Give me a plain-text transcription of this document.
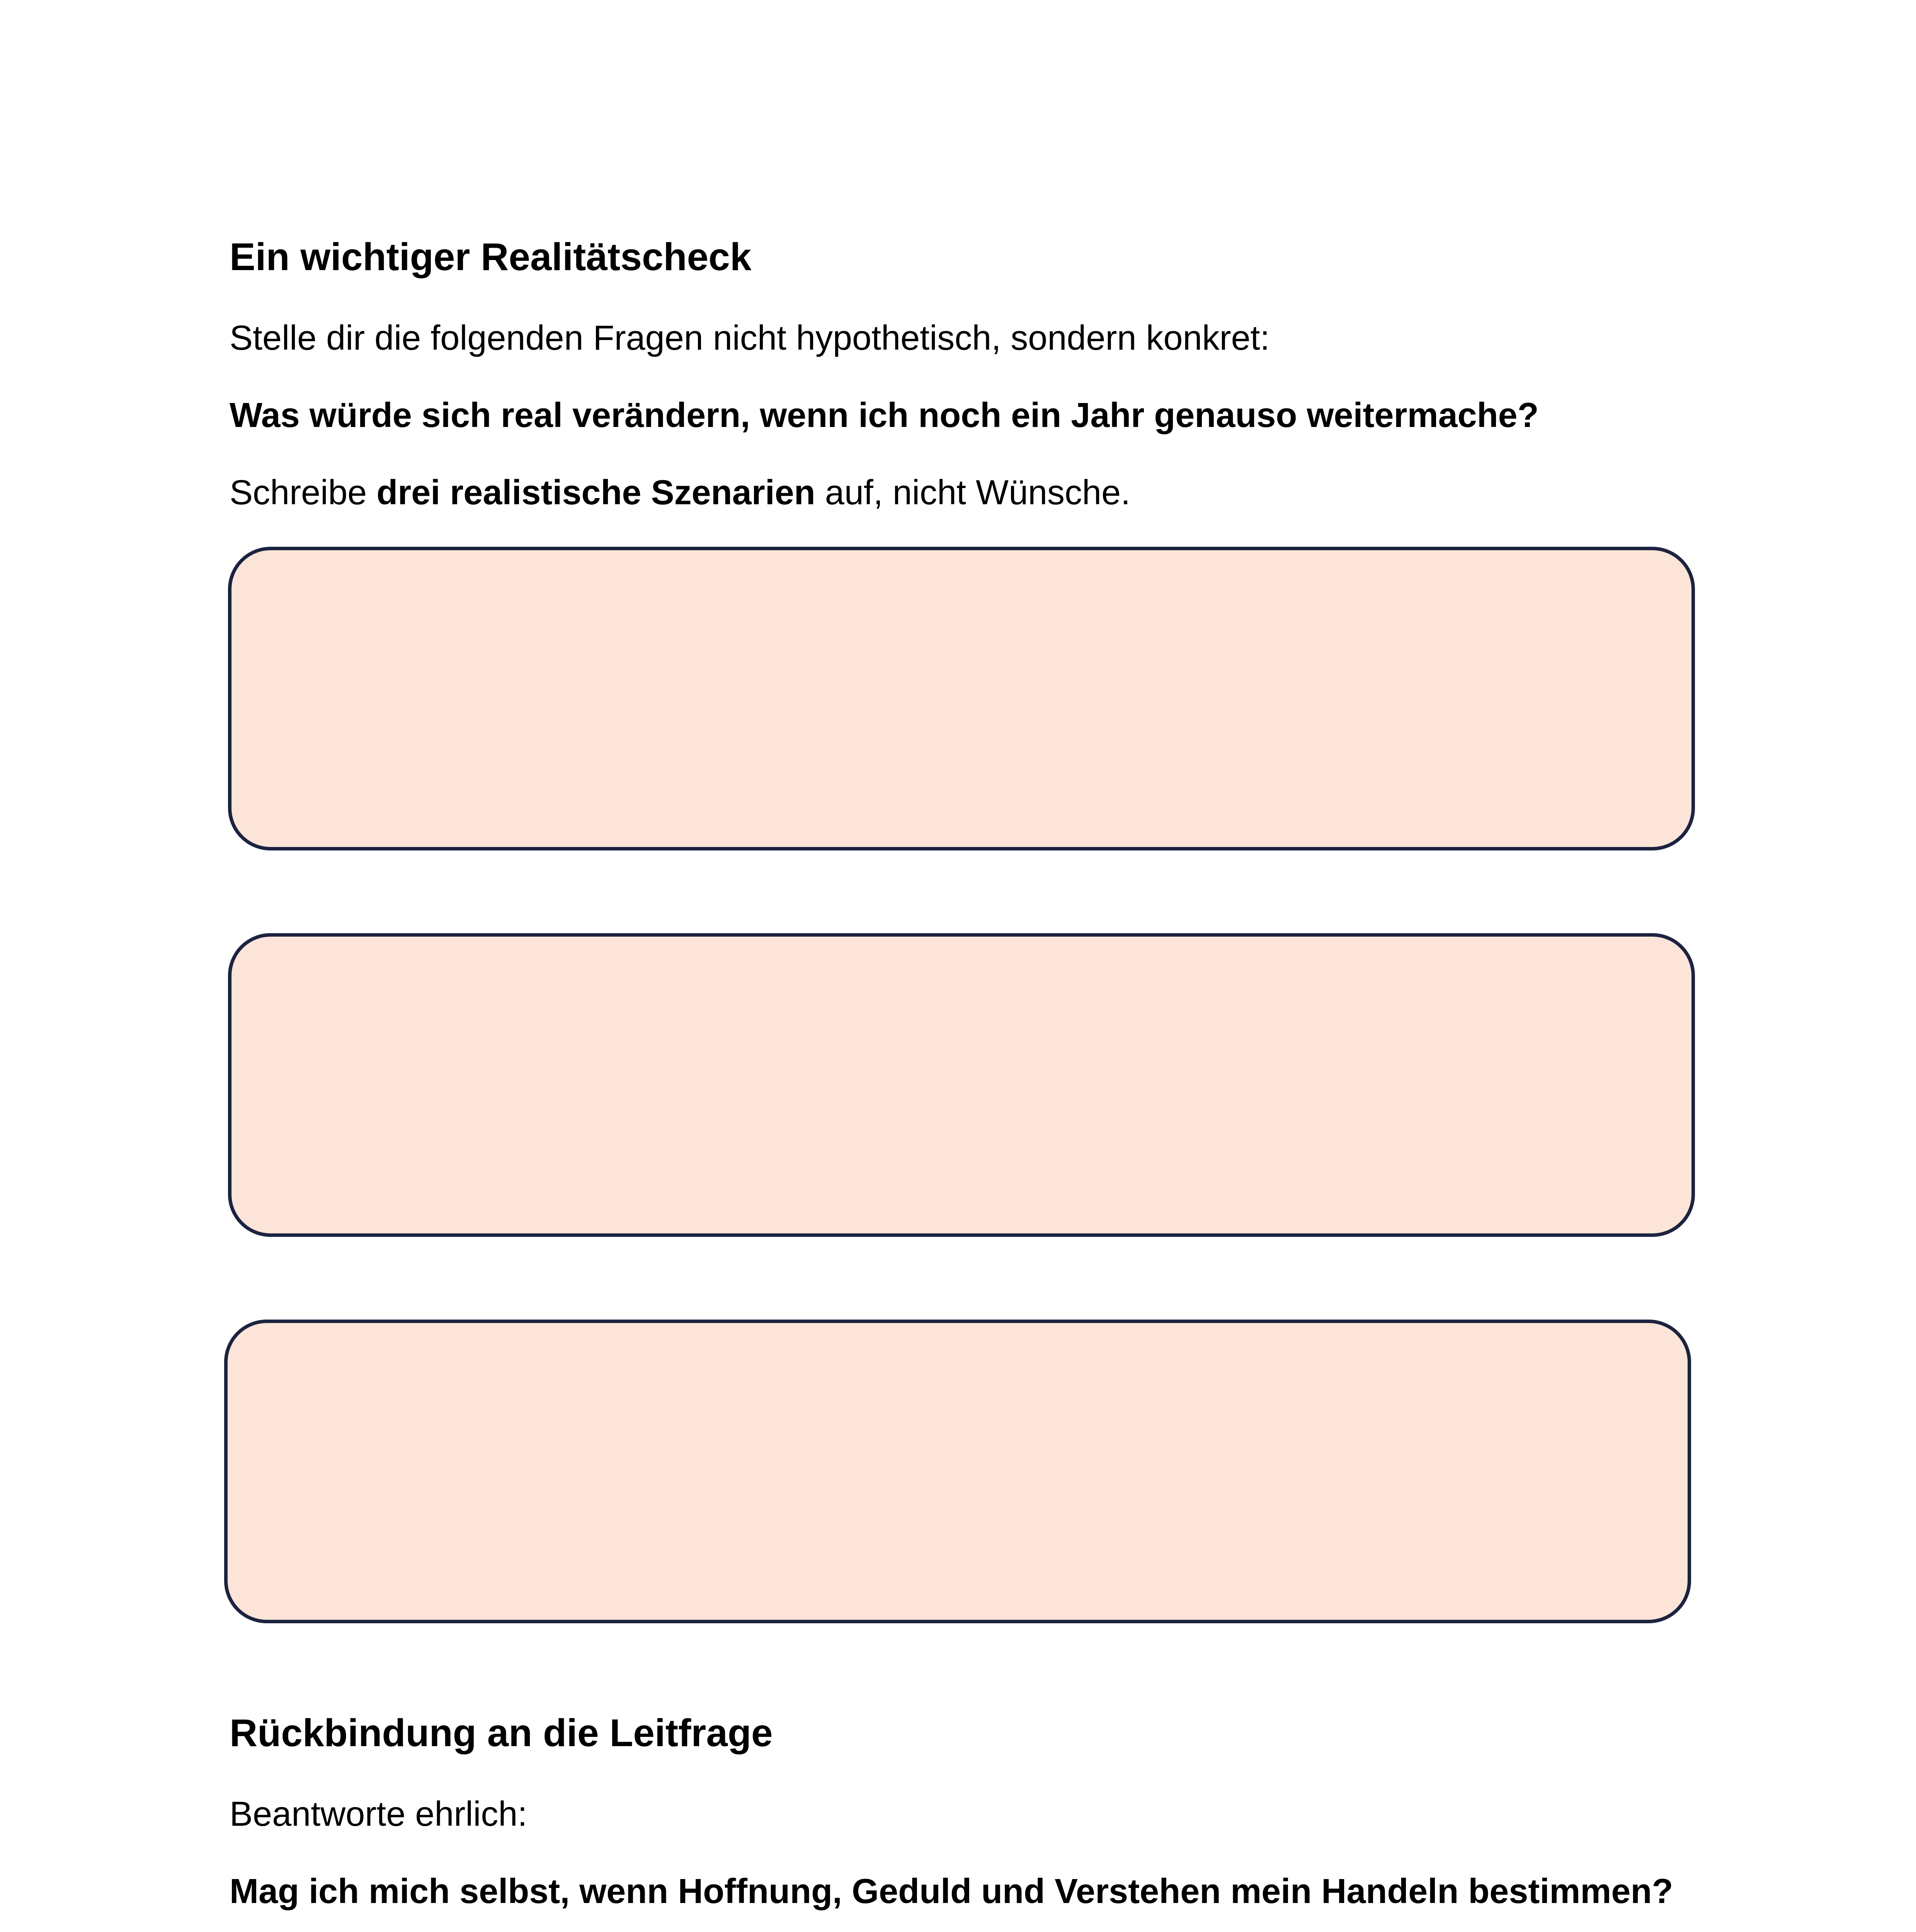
Ein wichtiger Realitätscheck
Stelle dir die folgenden Fragen nicht hypothetisch, sondern konkret:
Was würde sich real verändern, wenn ich noch ein Jahr genauso weitermache?
Schreibe drei realistische Szenarien auf, nicht Wünsche.
Rückbindung an die Leitfrage
Beantworte ehrlich:
Mag ich mich selbst, wenn Hoffnung, Geduld und Verstehen mein Handeln bestimmen?
